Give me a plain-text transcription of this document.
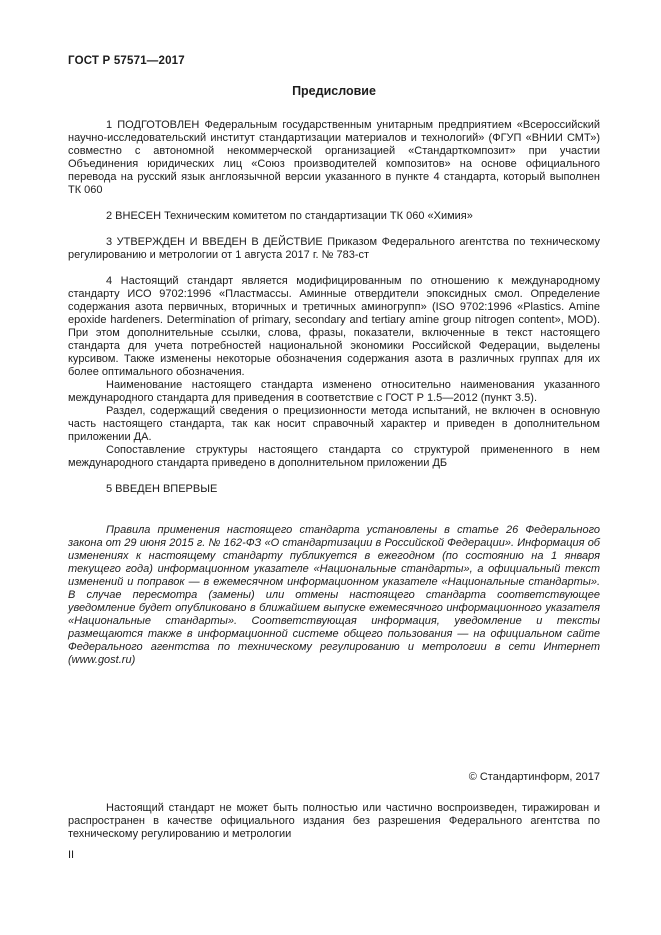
ГОСТ Р 57571—2017
Предисловие

1 ПОДГОТОВЛЕН Федеральным государственным унитарным предприятием «Всероссийский научно-исследовательский институт стандартизации материалов и технологий» (ФГУП «ВНИИ СМТ») совместно с автономной некоммерческой организацией «Стандарткомпозит» при участии Объединения юридических лиц «Союз производителей композитов» на основе официального перевода на русский язык англоязычной версии указанного в пункте 4 стандарта, который выполнен ТК 060

2 ВНЕСЕН Техническим комитетом по стандартизации ТК 060 «Химия»

3 УТВЕРЖДЕН И ВВЕДЕН В ДЕЙСТВИЕ Приказом Федерального агентства по техническому регулированию и метрологии от 1 августа 2017 г. № 783-ст

4 Настоящий стандарт является модифицированным по отношению к международному стандарту ИСО 9702:1996 «Пластмассы. Аминные отвердители эпоксидных смол. Определение содержания азота первичных, вторичных и третичных аминогрупп» (ISO 9702:1996 «Plastics. Amine epoxide hardeners. Determination of primary, secondary and tertiary amine group nitrogen content», MOD). При этом дополнительные ссылки, слова, фразы, показатели, включенные в текст настоящего стандарта для учета потребностей национальной экономики Российской Федерации, выделены курсивом. Также изменены некоторые обозначения содержания азота в различных группах для их более оптимального обозначения.

Наименование настоящего стандарта изменено относительно наименования указанного международного стандарта для приведения в соответствие с ГОСТ Р 1.5—2012 (пункт 3.5).

Раздел, содержащий сведения о прецизионности метода испытаний, не включен в основную часть настоящего стандарта, так как носит справочный характер и приведен в дополнительном приложении ДА.

Сопоставление структуры настоящего стандарта со структурой примененного в нем международного стандарта приведено в дополнительном приложении ДБ

5 ВВЕДЕН ВПЕРВЫЕ

Правила применения настоящего стандарта установлены в статье 26 Федерального закона от 29 июня 2015 г. № 162-ФЗ «О стандартизации в Российской Федерации». Информация об изменениях к настоящему стандарту публикуется в ежегодном (по состоянию на 1 января текущего года) информационном указателе «Национальные стандарты», а официальный текст изменений и поправок — в ежемесячном информационном указателе «Национальные стандарты». В случае пересмотра (замены) или отмены настоящего стандарта соответствующее уведомление будет опубликовано в ближайшем выпуске ежемесячного информационного указателя «Национальные стандарты». Соответствующая информация, уведомление и тексты размещаются также в информационной системе общего пользования — на официальном сайте Федерального агентства по техническому регулированию и метрологии в сети Интернет (www.gost.ru)

© Стандартинформ, 2017

Настоящий стандарт не может быть полностью или частично воспроизведен, тиражирован и распространен в качестве официального издания без разрешения Федерального агентства по техническому регулированию и метрологии

II
